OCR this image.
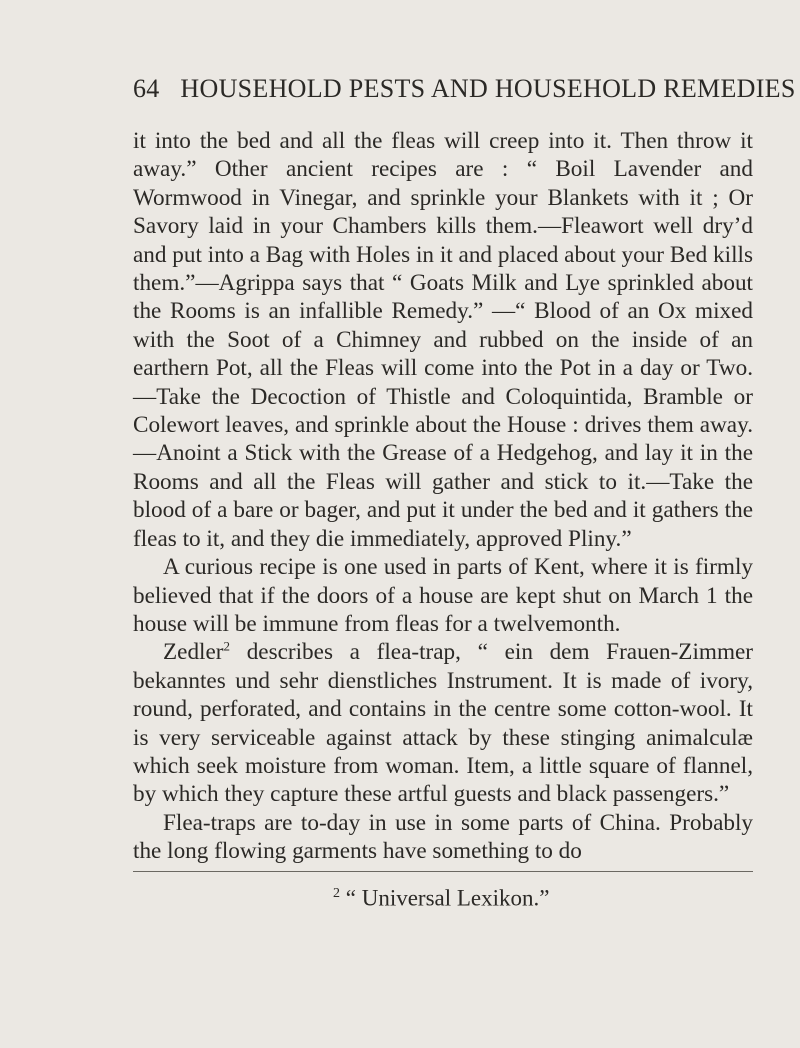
64 HOUSEHOLD PESTS AND HOUSEHOLD REMEDIES

it into the bed and all the fleas will creep into it. Then throw it away.” Other ancient recipes are : “ Boil Lavender and Wormwood in Vinegar, and sprinkle your Blankets with it ; Or Savory laid in your Chambers kills them.—Fleawort well dry’d and put into a Bag with Holes in it and placed about your Bed kills them.”—Agrippa says that “ Goats Milk and Lye sprinkled about the Rooms is an infallible Remedy.” —“ Blood of an Ox mixed with the Soot of a Chimney and rubbed on the inside of an earthern Pot, all the Fleas will come into the Pot in a day or Two.—Take the Decoction of Thistle and Coloquintida, Bramble or Colewort leaves, and sprinkle about the House : drives them away.—Anoint a Stick with the Grease of a Hedgehog, and lay it in the Rooms and all the Fleas will gather and stick to it.—Take the blood of a bare or bager, and put it under the bed and it gathers the fleas to it, and they die immediately, approved Pliny.”

A curious recipe is one used in parts of Kent, where it is firmly believed that if the doors of a house are kept shut on March 1 the house will be immune from fleas for a twelvemonth.

Zedler$^2$ describes a flea-trap, “ ein dem Frauen-Zimmer bekanntes und sehr dienstliches Instrument. It is made of ivory, round, perforated, and contains in the centre some cotton-wool. It is very serviceable against attack by these stinging animalculæ which seek moisture from woman. Item, a little square of flannel, by which they capture these artful guests and black passengers.”

Flea-traps are to-day in use in some parts of China. Probably the long flowing garments have something to do

$^2$ “ Universal Lexikon.”
